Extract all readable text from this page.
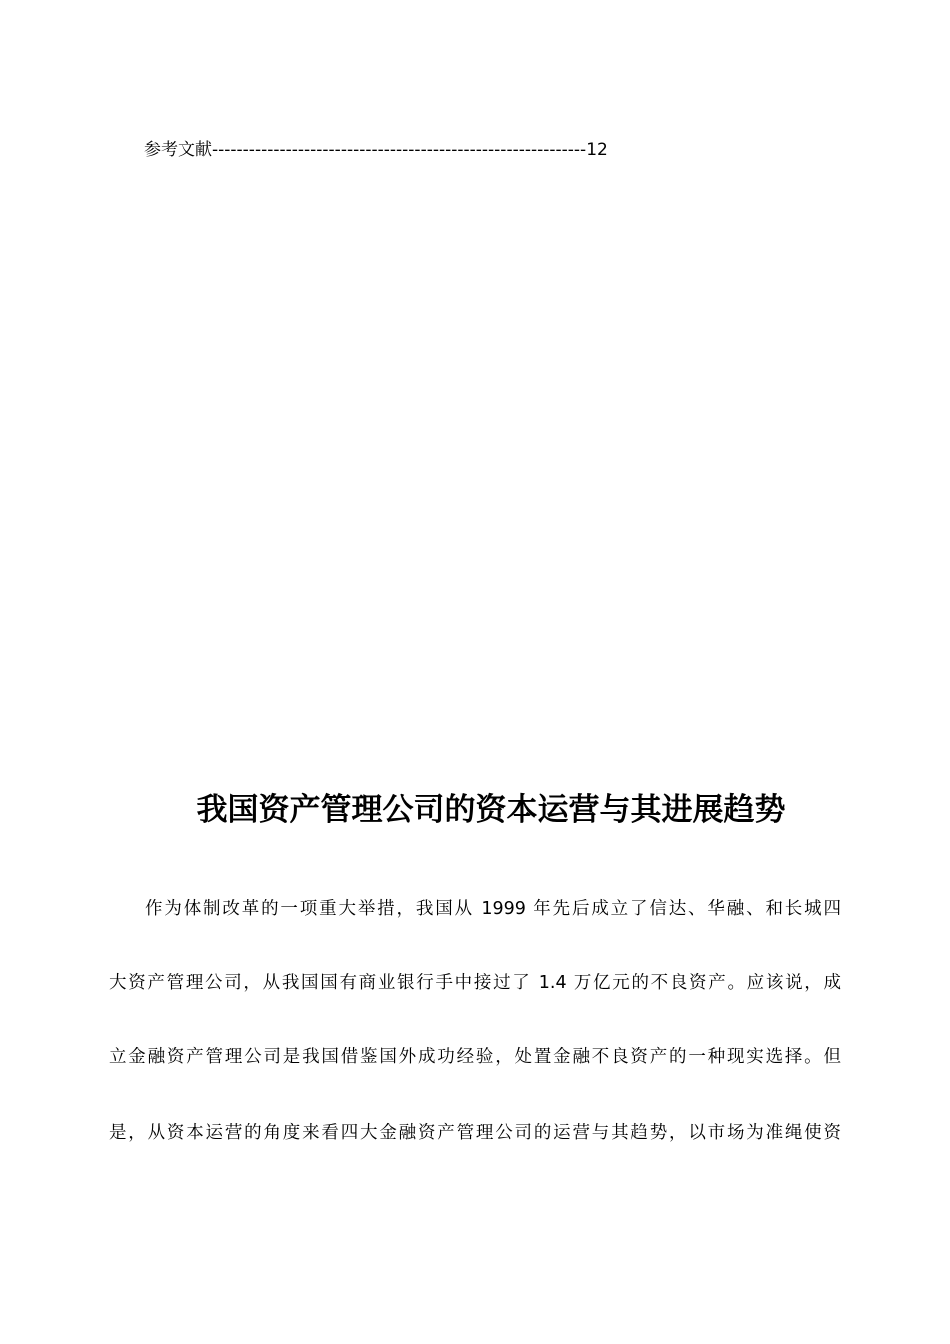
参考文献-------------------------------------------------------------12
我国资产管理公司的资本运营与其进展趋势
作为体制改革的一项重大举措，我国从 1999 年先后成立了信达、华融、和长城四
大资产管理公司，从我国国有商业银行手中接过了 1.4 万亿元的不良资产。应该说，成
立金融资产管理公司是我国借鉴国外成功经验，处置金融不良资产的一种现实选择。但
是，从资本运营的角度来看四大金融资产管理公司的运营与其趋势，以市场为准绳使资
